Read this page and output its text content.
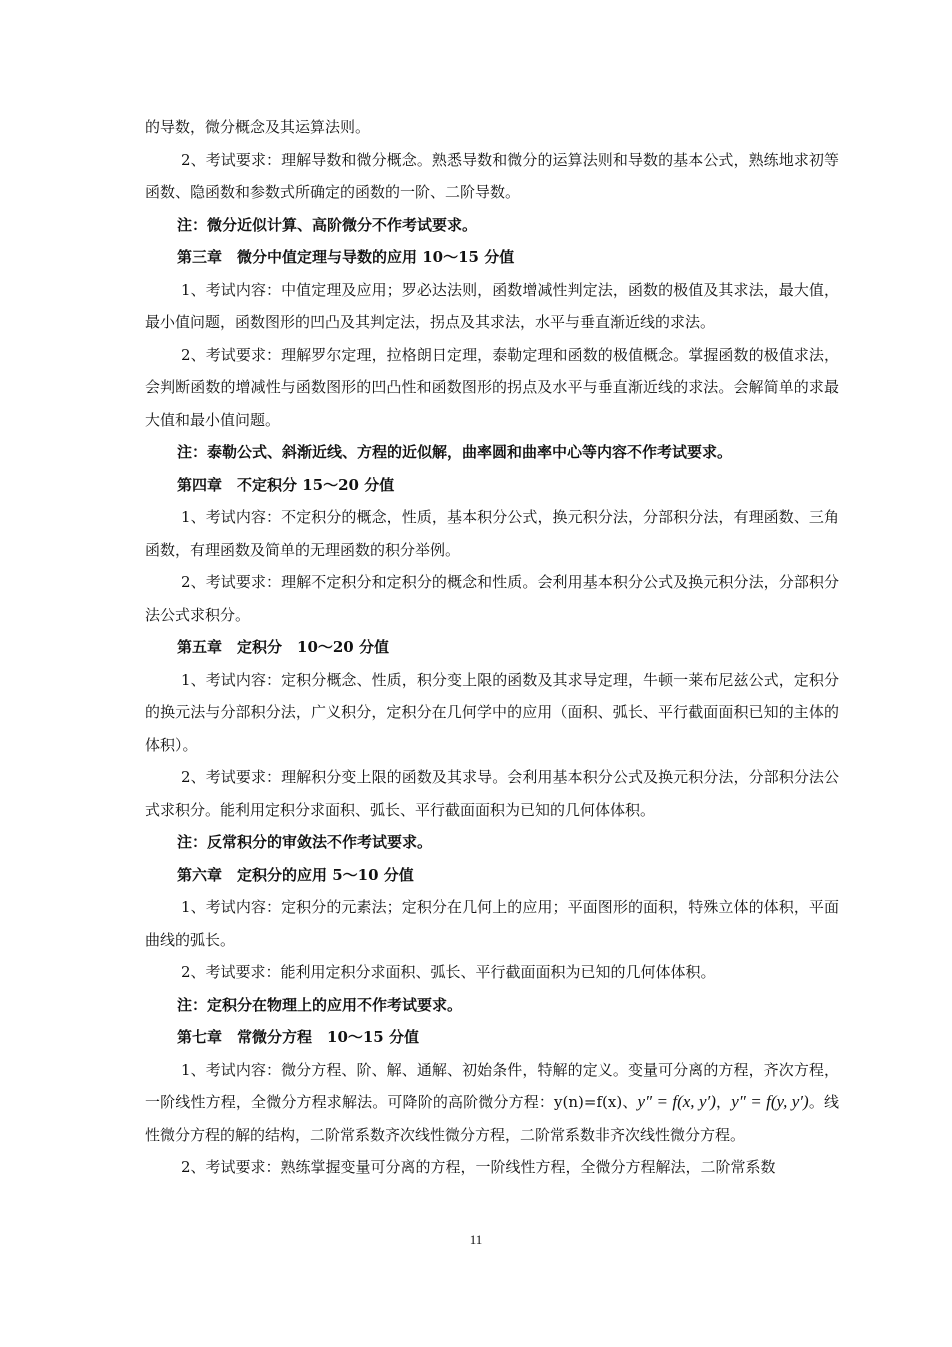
的导数，微分概念及其运算法则。

2、考试要求：理解导数和微分概念。熟悉导数和微分的运算法则和导数的基本公式，熟练地求初等函数、隐函数和参数式所确定的函数的一阶、二阶导数。

注：微分近似计算、高阶微分不作考试要求。

第三章　微分中值定理与导数的应用 10～15 分值

1、考试内容：中值定理及应用；罗必达法则，函数增减性判定法，函数的极值及其求法，最大值，最小值问题，函数图形的凹凸及其判定法，拐点及其求法，水平与垂直渐近线的求法。

2、考试要求：理解罗尔定理，拉格朗日定理，泰勒定理和函数的极值概念。掌握函数的极值求法，会判断函数的增减性与函数图形的凹凸性和函数图形的拐点及水平与垂直渐近线的求法。会解简单的求最大值和最小值问题。

注：泰勒公式、斜渐近线、方程的近似解，曲率圆和曲率中心等内容不作考试要求。

第四章　不定积分 15～20 分值

1、考试内容：不定积分的概念，性质，基本积分公式，换元积分法，分部积分法，有理函数、三角函数，有理函数及简单的无理函数的积分举例。

2、考试要求：理解不定积分和定积分的概念和性质。会利用基本积分公式及换元积分法，分部积分法公式求积分。

第五章　定积分　10～20 分值

1、考试内容：定积分概念、性质，积分变上限的函数及其求导定理，牛顿一莱布尼兹公式，定积分的换元法与分部积分法，广义积分，定积分在几何学中的应用（面积、弧长、平行截面面积已知的主体的体积）。

2、考试要求：理解积分变上限的函数及其求导。会利用基本积分公式及换元积分法，分部积分法公式求积分。能利用定积分求面积、弧长、平行截面面积为已知的几何体体积。

注：反常积分的审敛法不作考试要求。

第六章　定积分的应用 5～10 分值

1、考试内容：定积分的元素法；定积分在几何上的应用；平面图形的面积，特殊立体的体积，平面曲线的弧长。

2、考试要求：能利用定积分求面积、弧长、平行截面面积为已知的几何体体积。

注：定积分在物理上的应用不作考试要求。

第七章　常微分方程　10～15 分值

1、考试内容：微分方程、阶、解、通解、初始条件，特解的定义。变量可分离的方程，齐次方程，一阶线性方程，全微分方程求解法。可降阶的高阶微分方程：y(n)=f(x)、y″ = f(x, y′)，y″ = f(y, y′)。线性微分方程的解的结构，二阶常系数齐次线性微分方程，二阶常系数非齐次线性微分方程。

2、考试要求：熟练掌握变量可分离的方程，一阶线性方程，全微分方程解法，二阶常系数

11
